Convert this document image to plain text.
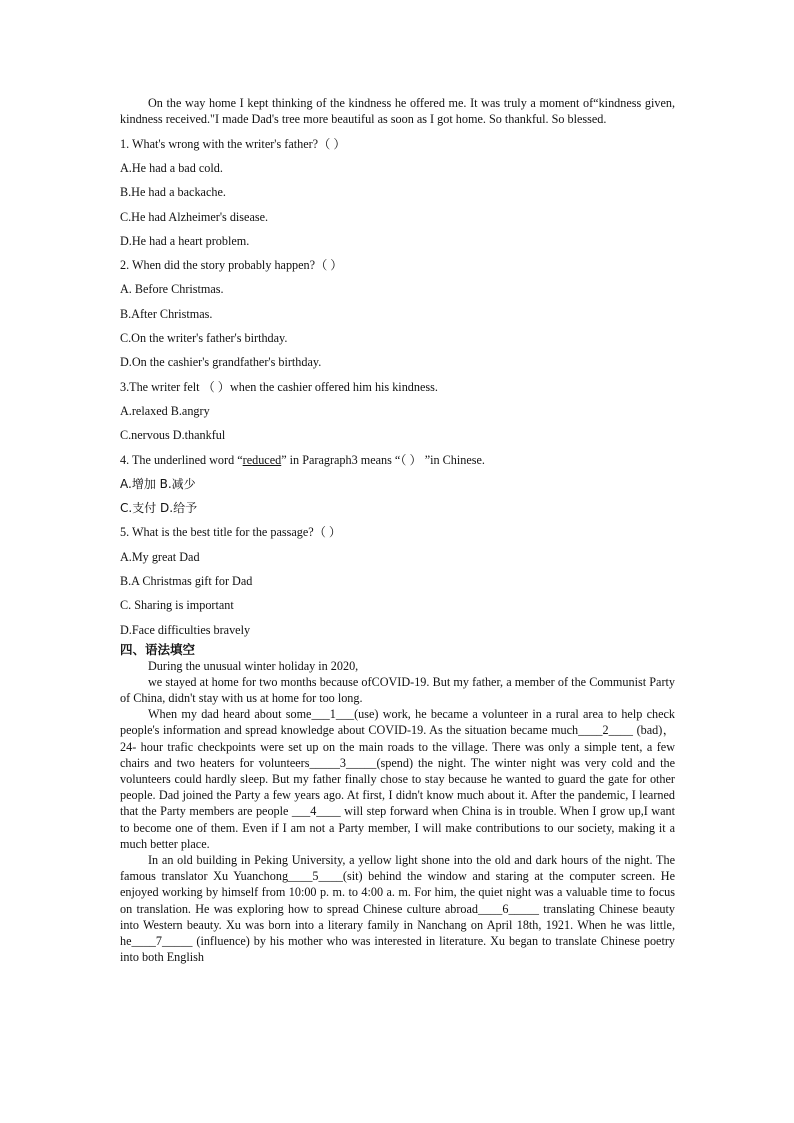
On the way home I kept thinking of the kindness he offered me. It was truly a moment of“kindness given, kindness received."I made Dad's tree more beautiful as soon as I got home. So thankful. So blessed.

1. What's wrong with the writer's father?（ ）

A.He had a bad cold.

B.He had a backache.

C.He had Alzheimer's disease.

D.He had a heart problem.

2. When did the story probably happen?（ ）

A. Before Christmas.

B.After Christmas.

C.On the writer's father's birthday.

D.On the cashier's grandfather's birthday.

3.The writer felt （ ）when the cashier offered him his kindness.

A.relaxed B.angry

C.nervous D.thankful

4. The underlined word “reduced” in Paragraph3 means “（ ） ”in Chinese.

A.增加 B.减少

C.支付 D.给予

5. What is the best title for the passage?（ ）

A.My great Dad

B.A Christmas gift for Dad

C. Sharing is important

D.Face difficulties bravely

四、语法填空

During the unusual winter holiday in 2020,

we stayed at home for two months because ofCOVID-19. But my father, a member of the Communist Party of China, didn't stay with us at home for too long.

When my dad heard about some___1___(use) work, he became a volunteer in a rural area to help check people's information and spread knowledge about COVID-19. As the situation became much____2____ (bad)，24- hour trafic checkpoints were set up on the main roads to the village. There was only a simple tent, a few chairs and two heaters for volunteers_____3_____(spend) the night. The winter night was very cold and the volunteers could hardly sleep. But my father finally chose to stay because he wanted to guard the gate for other people. Dad joined the Party a few years ago. At first, I didn't know much about it. After the pandemic, I learned that the Party members are people ___4____ will step forward when China is in trouble. When I grow up,I want to become one of them. Even if I am not a Party member, I will make contributions to our society, making it a much better place.

In an old building in Peking University, a yellow light shone into the old and dark hours of the night. The famous translator Xu Yuanchong____5____(sit) behind the window and staring at the computer screen. He enjoyed working by himself from 10:00 p. m. to 4:00 a. m. For him, the quiet night was a valuable time to focus on translation. He was exploring how to spread Chinese culture abroad____6_____ translating Chinese beauty into Western beauty. Xu was born into a literary family in Nanchang on April 18th, 1921. When he was little, he____7_____ (influence) by his mother who was interested in literature. Xu began to translate Chinese poetry into both English
